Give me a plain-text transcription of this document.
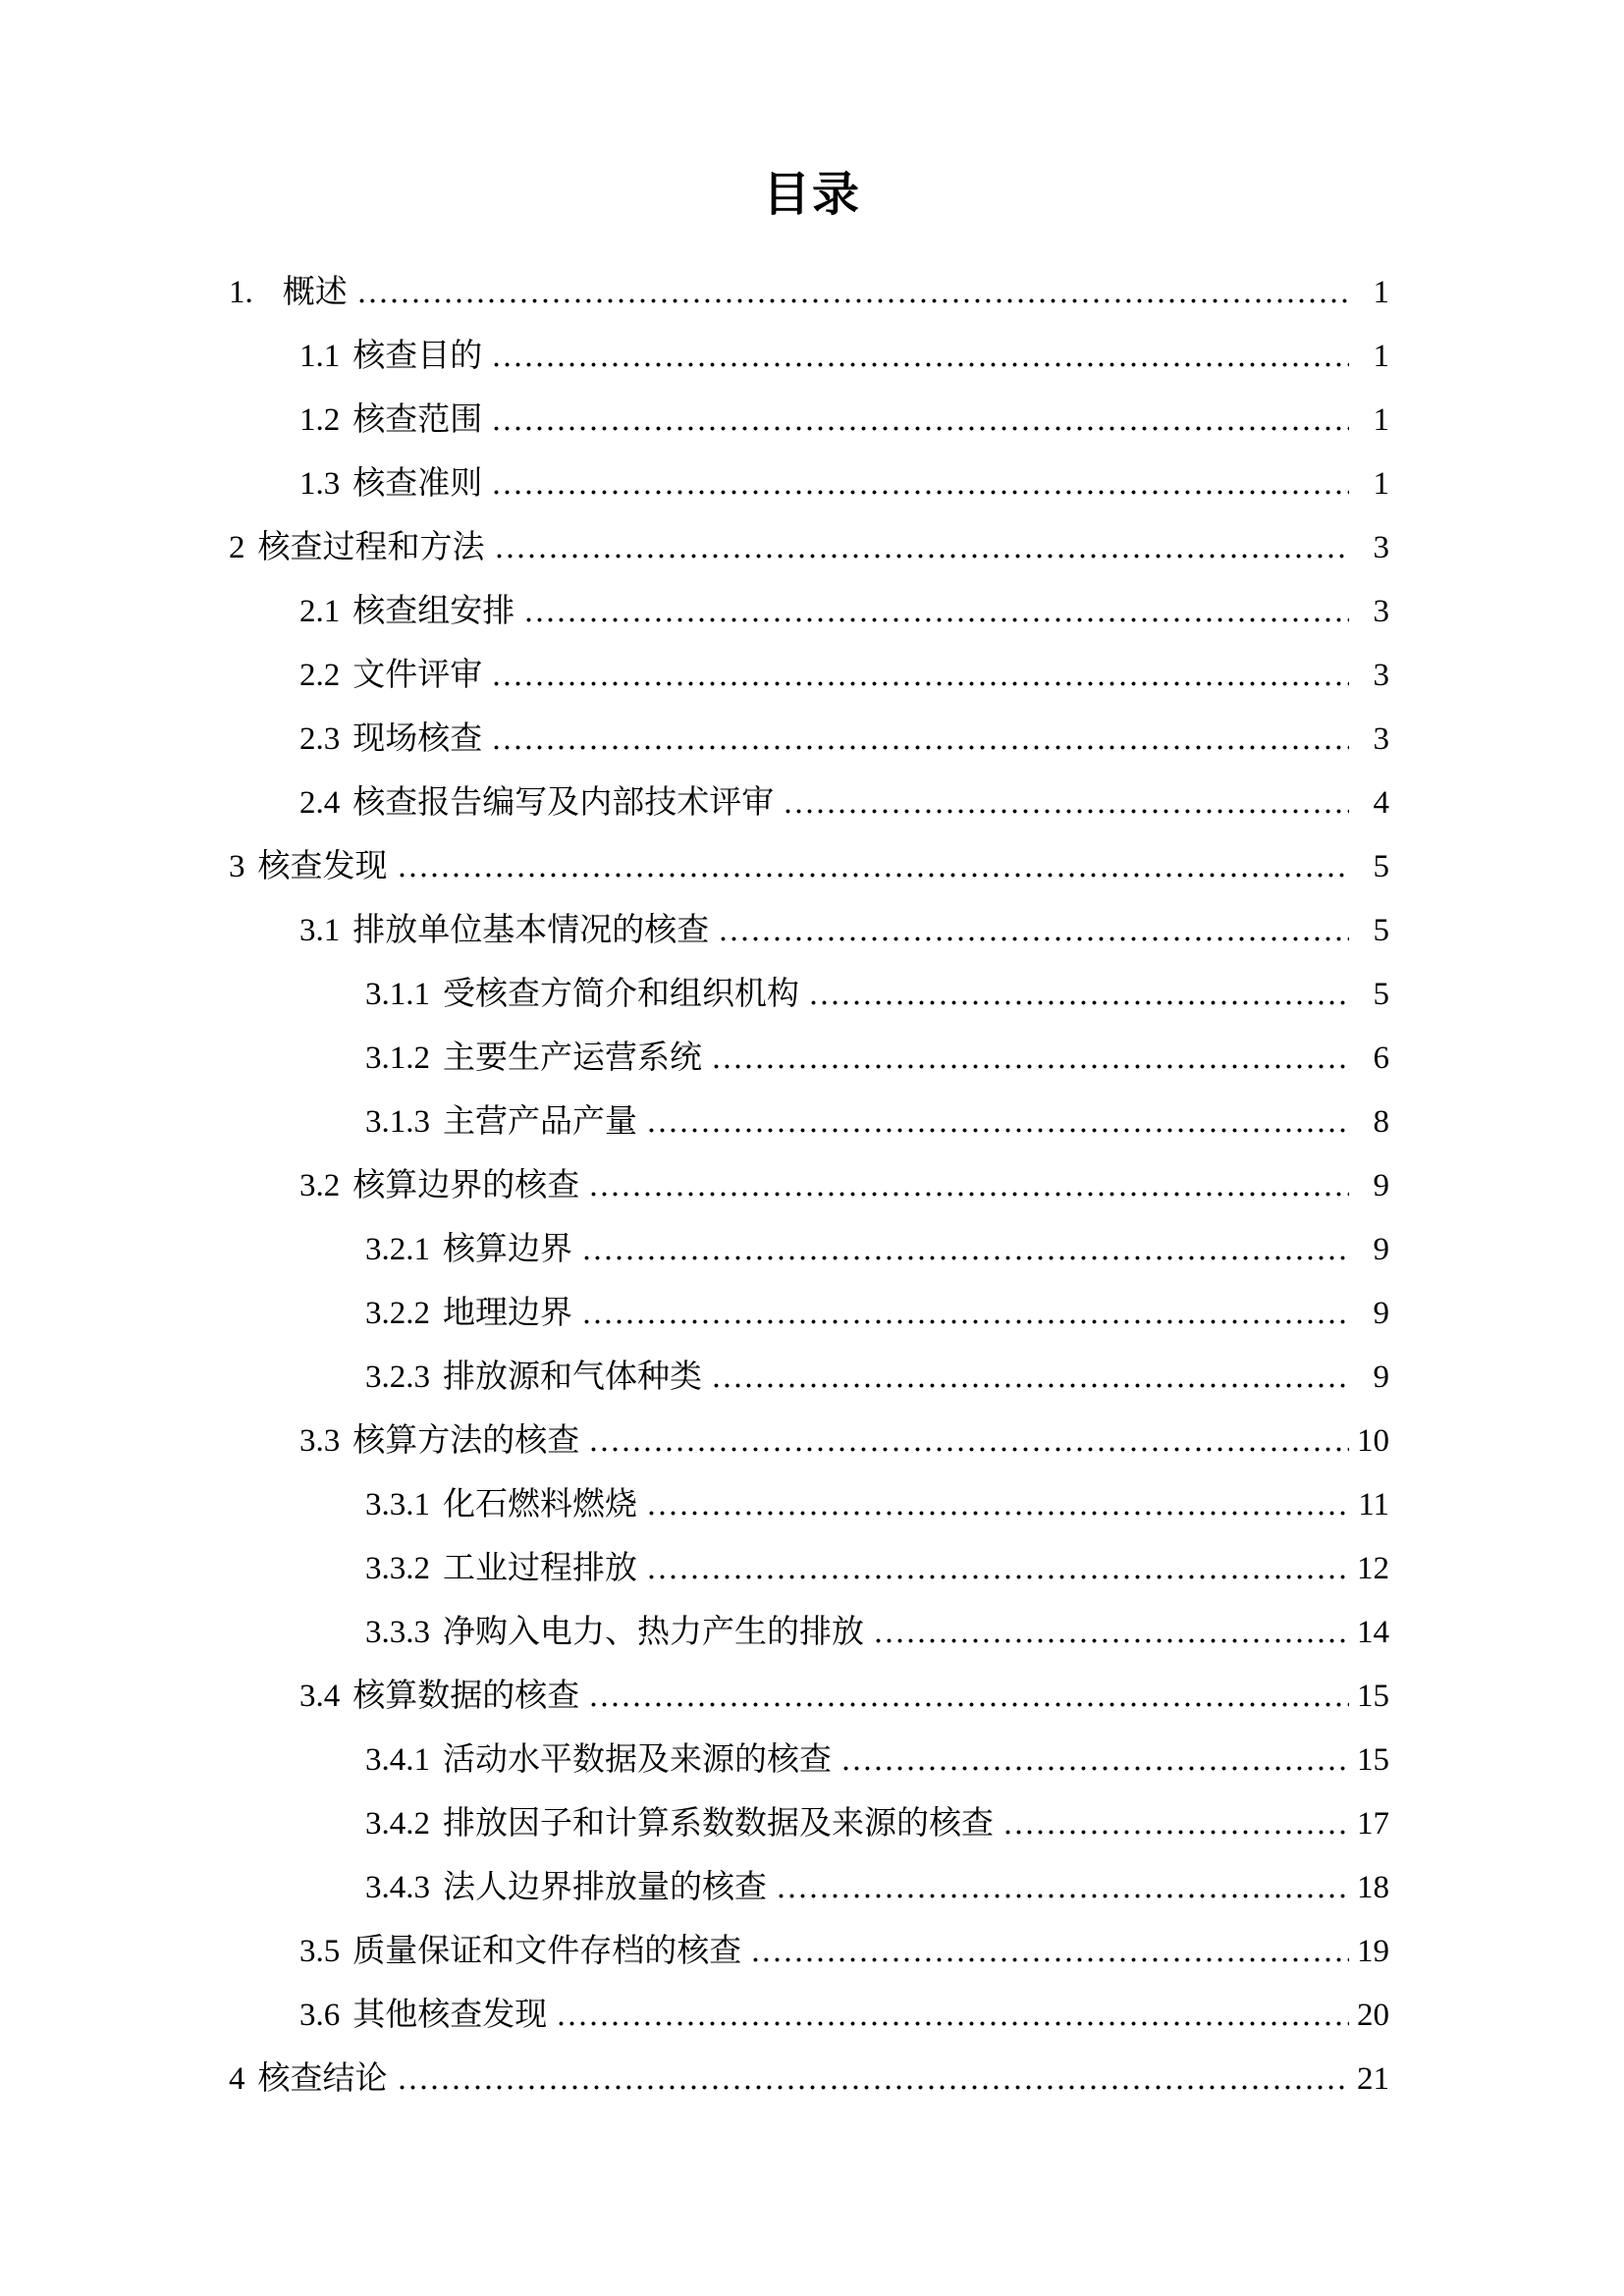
目录
1. 概述	1
1.1 核查目的	1
1.2 核查范围	1
1.3 核查准则	1
2 核查过程和方法	3
2.1 核查组安排	3
2.2 文件评审	3
2.3 现场核查	3
2.4 核查报告编写及内部技术评审	4
3 核查发现	5
3.1 排放单位基本情况的核查	5
3.1.1 受核查方简介和组织机构	5
3.1.2 主要生产运营系统	6
3.1.3 主营产品产量	8
3.2 核算边界的核查	9
3.2.1 核算边界	9
3.2.2 地理边界	9
3.2.3 排放源和气体种类	9
3.3 核算方法的核查	10
3.3.1 化石燃料燃烧	11
3.3.2 工业过程排放	12
3.3.3 净购入电力、热力产生的排放	14
3.4 核算数据的核查	15
3.4.1 活动水平数据及来源的核查	15
3.4.2 排放因子和计算系数数据及来源的核查	17
3.4.3 法人边界排放量的核查	18
3.5 质量保证和文件存档的核查	19
3.6 其他核查发现	20
4 核查结论	21
